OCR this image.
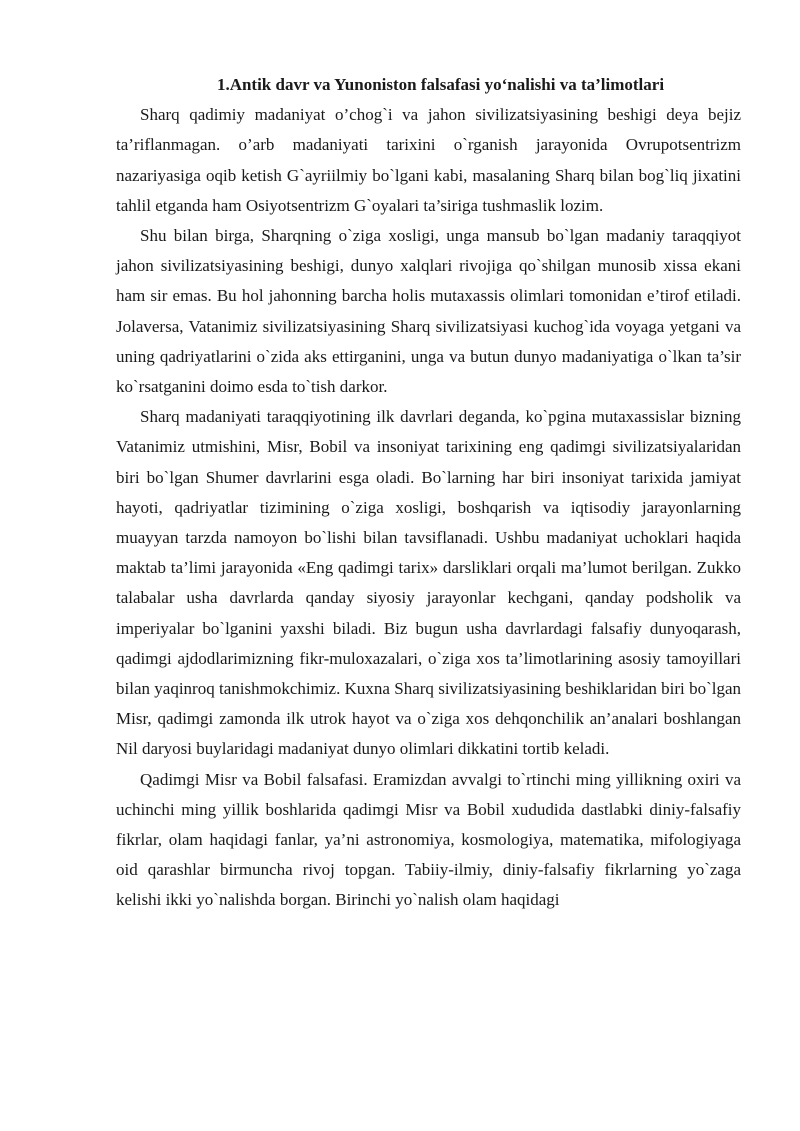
1.Antik davr va Yunoniston falsafasi yo‘nalishi va ta’limotlari

Sharq qadimiy madaniyat o’chog`i va jahon sivilizatsiyasining beshigi deya bejiz ta’riflanmagan. o’arb madaniyati tarixini o`rganish jarayonida Ovrupotsentrizm nazariyasiga oqib ketish G`ayriilmiy bo`lgani kabi, masalaning Sharq bilan bog`liq jixatini tahlil etganda ham Osiyotsentrizm G`oyalari ta’siriga tushmaslik lozim.

Shu bilan birga, Sharqning o`ziga xosligi, unga mansub bo`lgan madaniy taraqqiyot jahon sivilizatsiyasining beshigi, dunyo xalqlari rivojiga qo`shilgan munosib xissa ekani ham sir emas. Bu hol jahonning barcha holis mutaxassis olimlari tomonidan e’tirof etiladi. Jolaversa, Vatanimiz sivilizatsiyasining Sharq sivilizatsiyasi kuchog`ida voyaga yetgani va uning qadriyatlarini o`zida aks ettirganini, unga va butun dunyo madaniyatiga o`lkan ta’sir ko`rsatganini doimo esda to`tish darkor.

Sharq madaniyati taraqqiyotining ilk davrlari deganda, ko`pgina mutaxassislar bizning Vatanimiz utmishini, Misr, Bobil va insoniyat tarixining eng qadimgi sivilizatsiyalaridan biri bo`lgan Shumer davrlarini esga oladi. Bo`larning har biri insoniyat tarixida jamiyat hayoti, qadriyatlar tizimining o`ziga xosligi, boshqarish va iqtisodiy jarayonlarning muayyan tarzda namoyon bo`lishi bilan tavsiflanadi. Ushbu madaniyat uchoklari haqida maktab ta’limi jarayonida «Eng qadimgi tarix» darsliklari orqali ma’lumot berilgan. Zukko talabalar usha davrlarda qanday siyosiy jarayonlar kechgani, qanday podsholik va imperiyalar bo`lganini yaxshi biladi. Biz bugun usha davrlardagi falsafiy dunyoqarash, qadimgi ajdodlarimizning fikr-muloxazalari, o`ziga xos ta’limotlarining asosiy tamoyillari bilan yaqinroq tanishmokchimiz. Kuxna Sharq sivilizatsiyasining beshiklaridan biri bo`lgan Misr, qadimgi zamonda ilk utrok hayot va o`ziga xos dehqonchilik an’analari boshlangan Nil daryosi buylaridagi madaniyat dunyo olimlari dikkatini tortib keladi.

Qadimgi Misr va Bobil falsafasi. Eramizdan avvalgi to`rtinchi ming yillikning oxiri va uchinchi ming yillik boshlarida qadimgi Misr va Bobil xududida dastlabki diniy-falsafiy fikrlar, olam haqidagi fanlar, ya’ni astronomiya, kosmologiya, matematika, mifologiyaga oid qarashlar birmuncha rivoj topgan. Tabiiy-ilmiy, diniy-falsafiy fikrlarning yo`zaga kelishi ikki yo`nalishda borgan. Birinchi yo`nalish olam haqidagi
